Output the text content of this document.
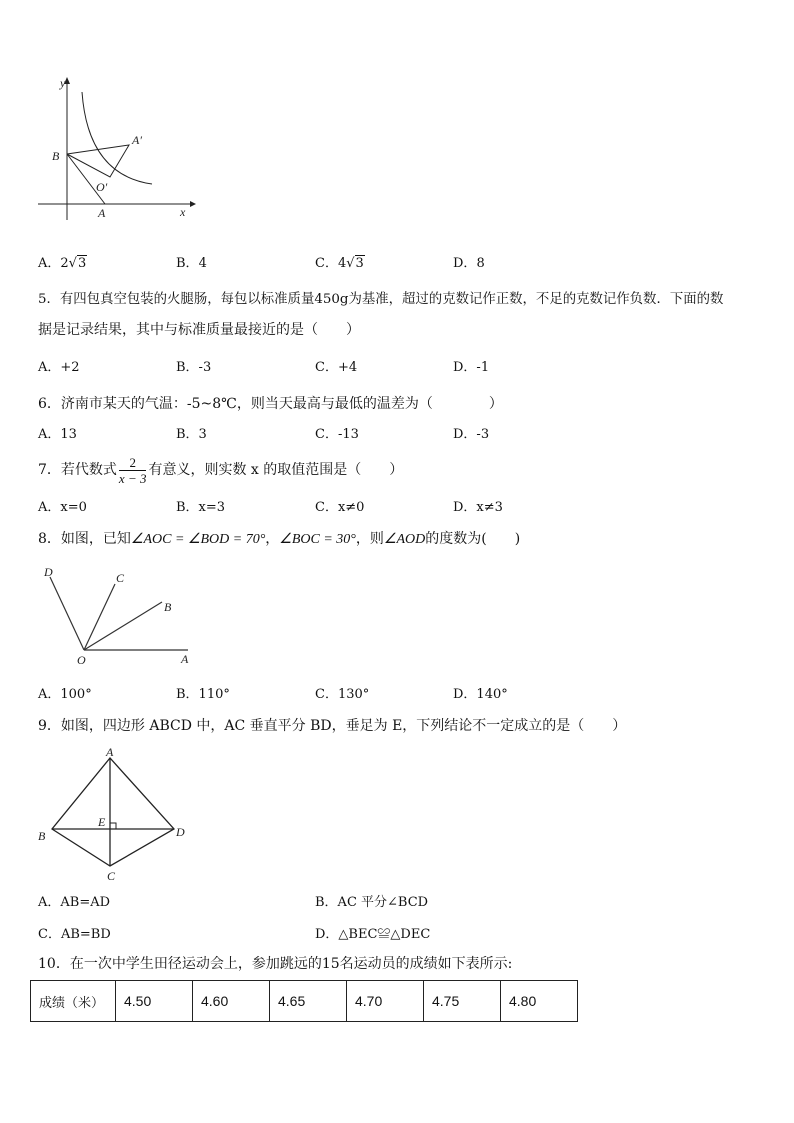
y
x
B
A′
O′
A
A．2√3	B．4	C．4√3	D．8
5．有四包真空包装的火腿肠，每包以标准质量450g为基准，超过的克数记作正数，不足的克数记作负数．下面的数
据是记录结果，其中与标准质量最接近的是（　　）
A．+2	B．-3	C．+4	D．-1
6．济南市某天的气温：-5~8℃，则当天最高与最低的温差为（　　　　）
A．13	B．3	C．-13	D．-3
7．若代数式 $\frac{2}{x - 3}$ 有意义，则实数 x 的取值范围是（　　）
A．x=0	B．x=3	C．x≠0	D．x≠3
8．如图，已知∠AOC = ∠BOD = 70°，∠BOC = 30°，则∠AOD的度数为(　　)
D	C
B
O	A
A．100°	B．110°	C．130°	D．140°
9．如图，四边形 ABCD 中，AC 垂直平分 BD，垂足为 E，下列结论不一定成立的是（　　）
A
B
C
D
E
A．AB=AD	B．AC 平分∠BCD
C．AB=BD	D．△BEC≌△DEC
10．在一次中学生田径运动会上，参加跳远的15名运动员的成绩如下表所示:
成绩（米）	4.50	4.60	4.65	4.70	4.75	4.80
